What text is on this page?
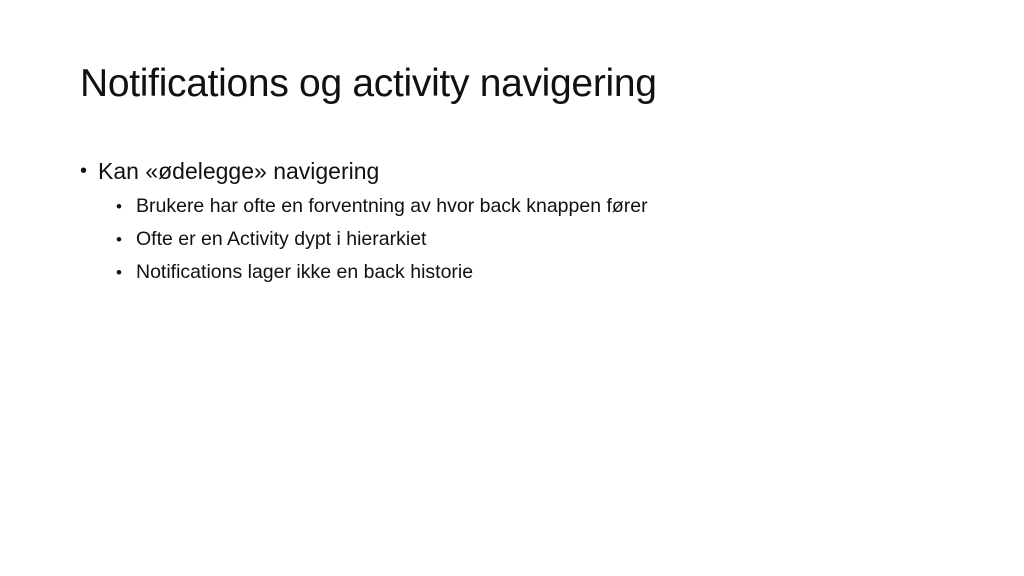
Notifications og activity navigering
• Kan «ødelegge» navigering
• Brukere har ofte en forventning av hvor back knappen fører
• Ofte er en Activity dypt i hierarkiet
• Notifications lager ikke en back historie
